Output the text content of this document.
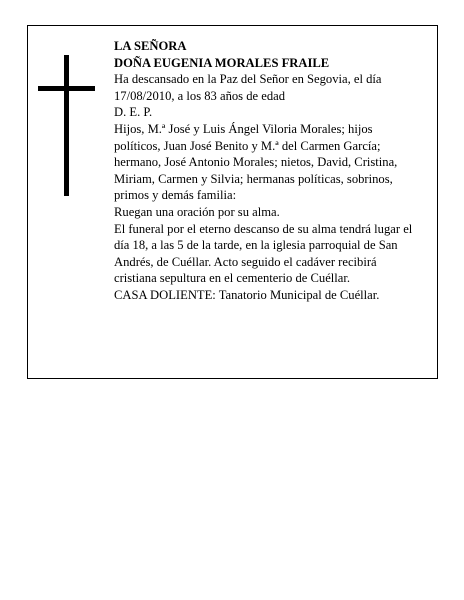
LA SEÑORA

DOÑA EUGENIA MORALES FRAILE

Ha descansado en la Paz del Señor en Segovia, el día 17/08/2010, a los 83 años de edad

D. E. P.

Hijos, M.ª José y Luis Ángel Viloria Morales; hijos políticos, Juan José Benito y M.ª del Carmen García; hermano, José Antonio Morales; nietos, David, Cristina, Miriam, Carmen y Silvia; hermanas políticas, sobrinos, primos y demás familia:

Ruegan una oración por su alma.

El funeral por el eterno descanso de su alma tendrá lugar el día 18, a las 5 de la tarde, en la iglesia parroquial de San Andrés, de Cuéllar. Acto seguido el cadáver recibirá cristiana sepultura en el cementerio de Cuéllar.

CASA DOLIENTE: Tanatorio Municipal de Cuéllar.
